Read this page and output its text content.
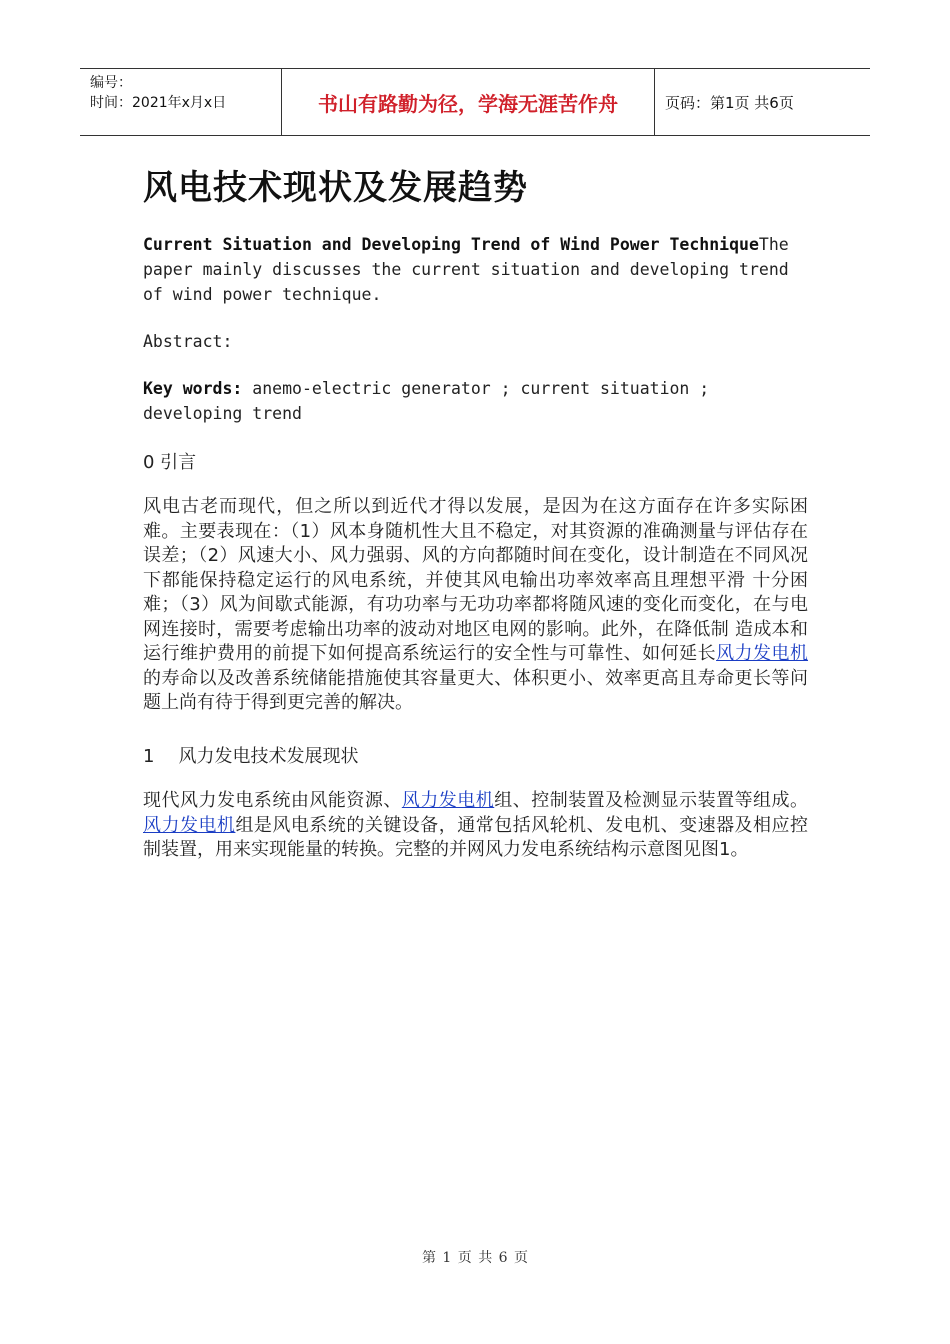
编号：
时间：2021年x月x日	书山有路勤为径，学海无涯苦作舟	页码：第1页 共6页
风电技术现状及发展趋势
Current Situation and Developing Trend of Wind Power TechniqueThe paper mainly discusses the current situation and developing trend of wind power technique.
Abstract:
Key words: anemo-electric generator ; current situation ;
developing trend
0 引言

风电古老而现代，但之所以到近代才得以发展，是因为在这方面存在许多实际困难。主要表现在：（1）风本身随机性大且不稳定，对其资源的准确测量与评估存在误差；（2）风速大小、风力强弱、风的方向都随时间在变化，设计制造在不同风况下都能保持稳定运行的风电系统，并使其风电输出功率效率高且理想平滑 十分困难；（3）风为间歇式能源，有功功率与无功功率都将随风速的变化而变化，在与电网连接时，需要考虑输出功率的波动对地区电网的影响。此外，在降低制 造成本和运行维护费用的前提下如何提高系统运行的安全性与可靠性、如何延长风力发电机的寿命以及改善系统储能措施使其容量更大、体积更小、效率更高且寿命更长等问题上尚有待于得到更完善的解决。

1 风力发电技术发展现状

现代风力发电系统由风能资源、风力发电机组、控制装置及检测显示装置等组成。风力发电机组是风电系统的关键设备，通常包括风轮机、发电机、变速器及相应控制装置，用来实现能量的转换。完整的并网风力发电系统结构示意图见图1。

第 1 页 共 6 页
